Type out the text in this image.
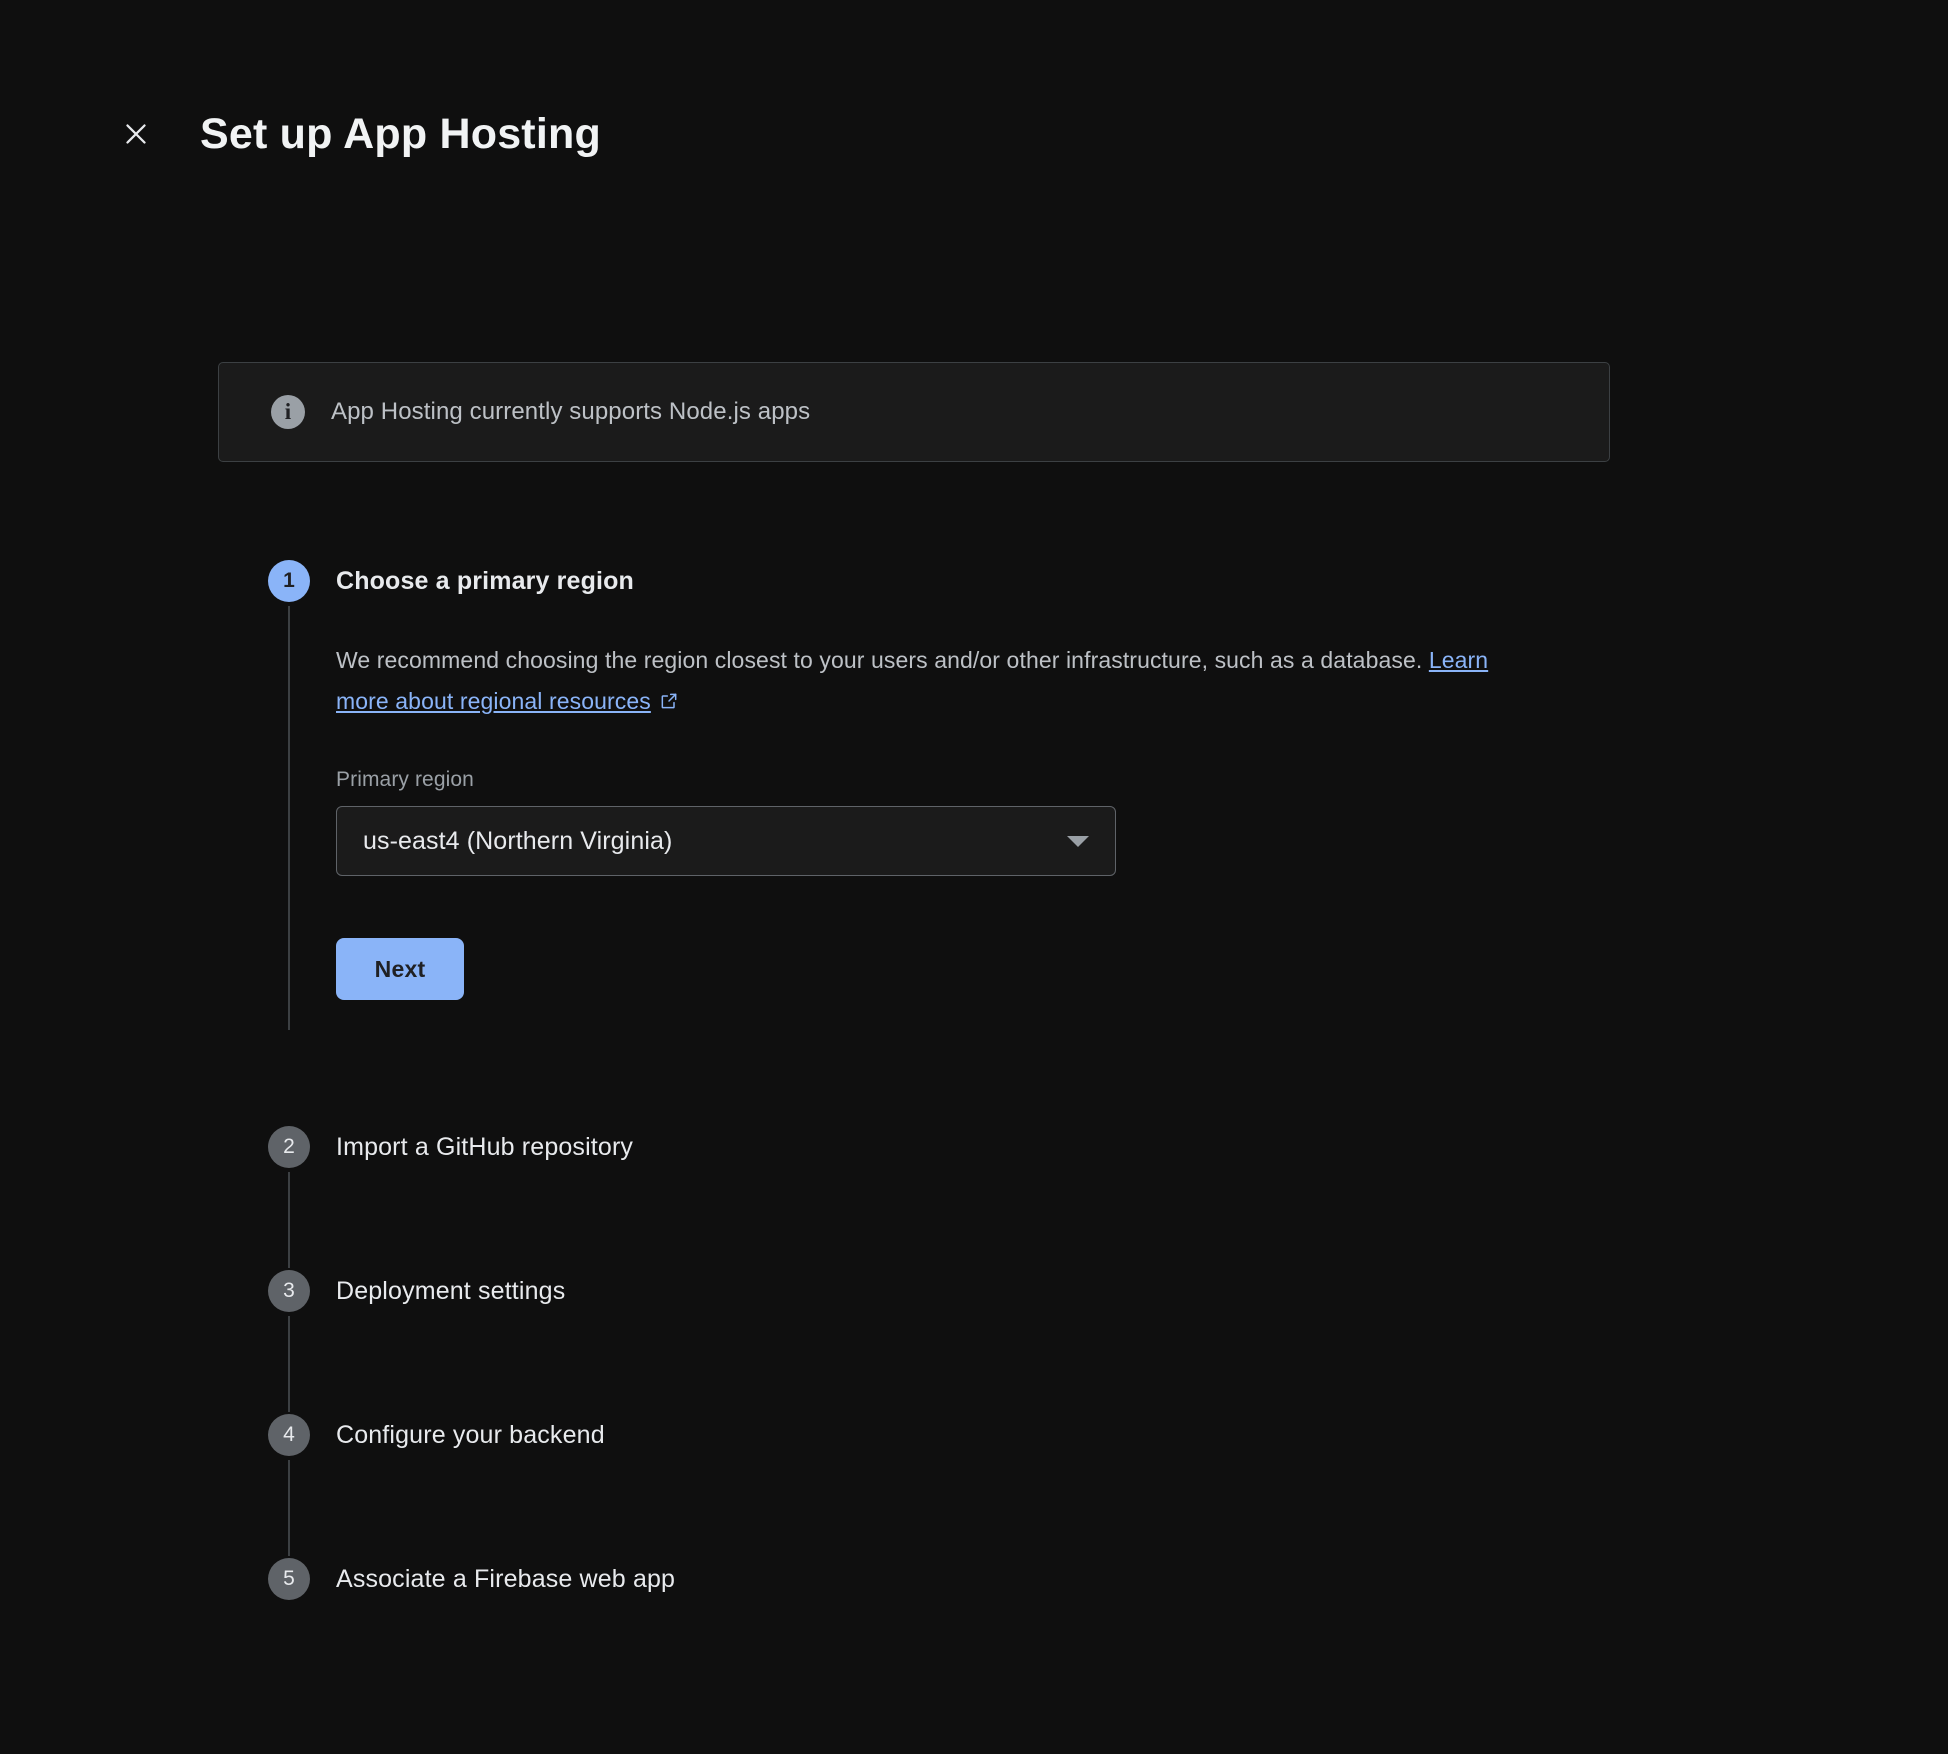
Set up App Hosting
i	App Hosting currently supports Node.js apps
1	Choose a primary region
We recommend choosing the region closest to your users and/or other infrastructure, such as a database. Learn more about regional resources
Primary region
us-east4 (Northern Virginia)
Next
2	Import a GitHub repository
3	Deployment settings
4	Configure your backend
5	Associate a Firebase web app
